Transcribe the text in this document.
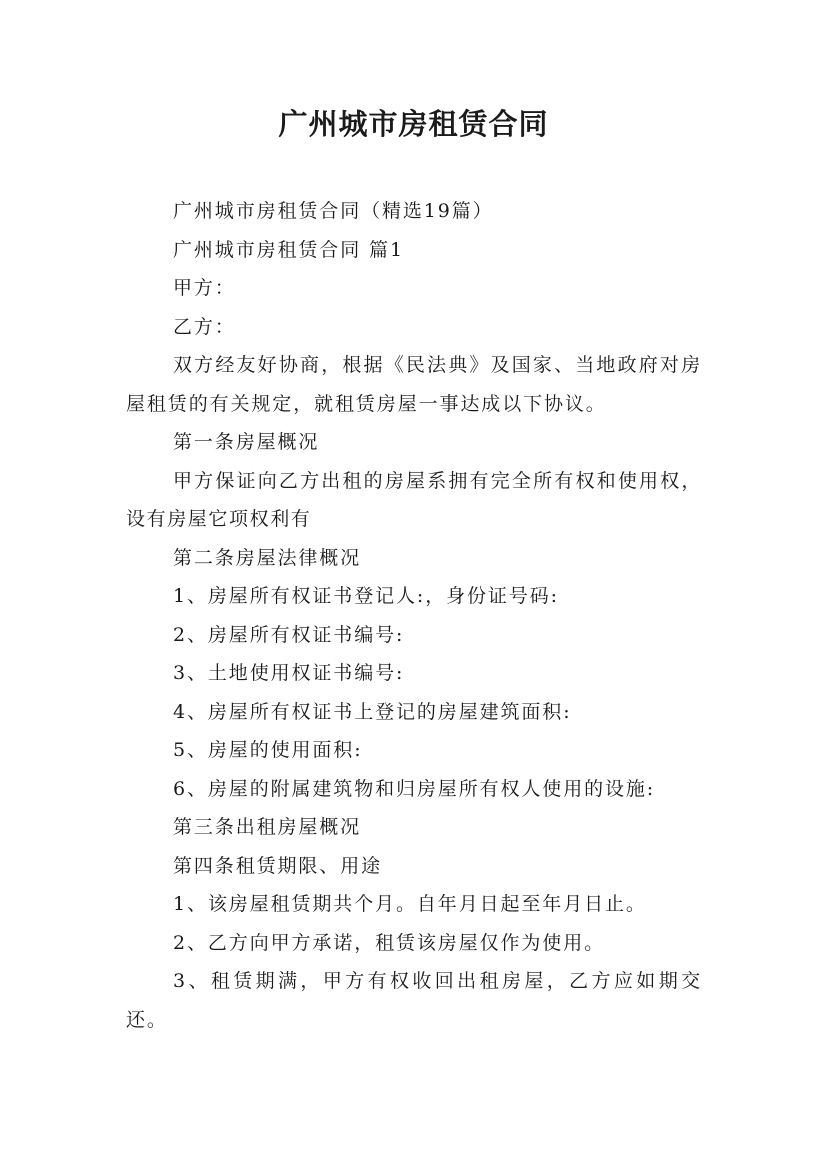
广州城市房租赁合同

广州城市房租赁合同（精选19篇）

广州城市房租赁合同 篇1

甲方：

乙方：

双方经友好协商，根据《民法典》及国家、当地政府对房屋租赁的有关规定，就租赁房屋一事达成以下协议。

第一条房屋概况

甲方保证向乙方出租的房屋系拥有完全所有权和使用权，设有房屋它项权利有

第二条房屋法律概况

1、房屋所有权证书登记人:，身份证号码:

2、房屋所有权证书编号:

3、土地使用权证书编号:

4、房屋所有权证书上登记的房屋建筑面积:

5、房屋的使用面积:

6、房屋的附属建筑物和归房屋所有权人使用的设施:

第三条出租房屋概况

第四条租赁期限、用途

1、该房屋租赁期共个月。自年月日起至年月日止。

2、乙方向甲方承诺，租赁该房屋仅作为使用。

3、租赁期满，甲方有权收回出租房屋，乙方应如期交还。
